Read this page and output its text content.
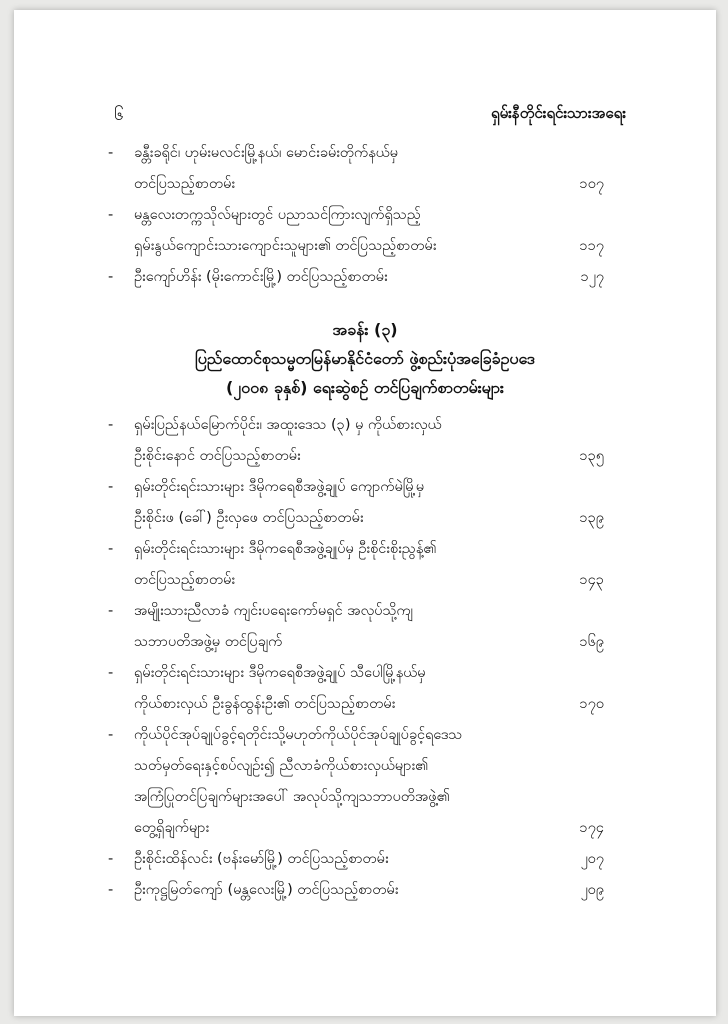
၆	ရှမ်းနီတိုင်းရင်းသားအရေး
- ခန္တီးခရိုင်၊ ဟုမ်းမလင်းမြို့နယ်၊ မောင်းခမ်းတိုက်နယ်မှ
တင်ပြသည့်စာတမ်း	၁၀၇
- မန္တလေးတက္ကသိုလ်များတွင် ပညာသင်ကြားလျက်ရှိသည့်
ရှမ်းနွယ်ကျောင်းသားကျောင်းသူများ၏ တင်ပြသည့်စာတမ်း	၁၁၇
- ဦးကျော်ဟိန်း (မိုးကောင်းမြို့) တင်ပြသည့်စာတမ်း	၁၂၇
အခန်း (၃)
ပြည်ထောင်စုသမ္မတမြန်မာနိုင်ငံတော် ဖွဲ့စည်းပုံအခြေခံဥပဒေ
(၂၀၀၈ ခုနှစ်) ရေးဆွဲစဉ် တင်ပြချက်စာတမ်းများ
- ရှမ်းပြည်နယ်မြောက်ပိုင်း၊ အထူးဒေသ (၃) မှ ကိုယ်စားလှယ်
ဦးစိုင်းနောင် တင်ပြသည့်စာတမ်း	၁၃၅
- ရှမ်းတိုင်းရင်းသားများ ဒီမိုကရေစီအဖွဲ့ချုပ် ကျောက်မဲမြို့မှ
ဦးစိုင်းဖ (ခေါ်) ဦးလှဖေ တင်ပြသည့်စာတမ်း	၁၃၉
- ရှမ်းတိုင်းရင်းသားများ ဒီမိုကရေစီအဖွဲ့ချုပ်မှ ဦးစိုင်းစိုးညွန့်၏
တင်ပြသည့်စာတမ်း	၁၄၃
- အမျိုးသားညီလာခံ ကျင်းပရေးကော်မရှင် အလုပ်သို့ကျ
သဘာပတိအဖွဲ့မှ တင်ပြချက်	၁၆၉
- ရှမ်းတိုင်းရင်းသားများ ဒီမိုကရေစီအဖွဲ့ချုပ် သီပေါမြို့နယ်မှ
ကိုယ်စားလှယ် ဦးခွန်ထွန်းဦး၏ တင်ပြသည့်စာတမ်း	၁၇၀
- ကိုယ်ပိုင်အုပ်ချုပ်ခွင့်ရတိုင်းသို့မဟုတ်ကိုယ်ပိုင်အုပ်ချုပ်ခွင့်ရဒေသ
သတ်မှတ်ရေးနှင့်စပ်လျဉ်း၍ ညီလာခံကိုယ်စားလှယ်များ၏
အကြံပြုတင်ပြချက်များအပေါ် အလုပ်သို့ကျသဘာပတိအဖွဲ့၏
တွေ့ရှိချက်များ	၁၇၄
- ဦးစိုင်းထိန်လင်း (ဗန်းမော်မြို့) တင်ပြသည့်စာတမ်း	၂၀၇
- ဦးကုဋ္ဌမြတ်ကျော် (မန္တလေးမြို့) တင်ပြသည့်စာတမ်း	၂၀၉
